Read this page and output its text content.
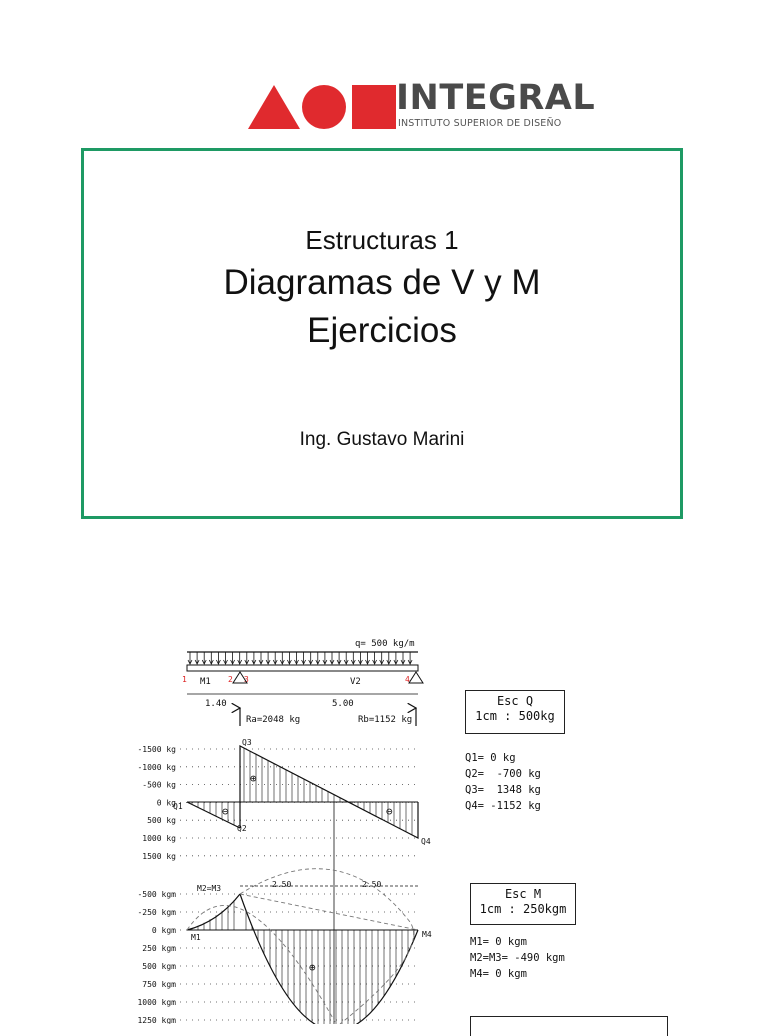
INTEGRAL
INSTITUTO SUPERIOR DE DISEÑO
Estructuras 1
Diagramas de V y M
Ejercicios
Ing. Gustavo Marini
q= 500 kg/m
1	2 3	4
M1	V2
1.40	5.00
Ra=2048 kg	Rb=1152 kg
-1500 kg
-1000 kg
-500 kg
0 kg
500 kg
1000 kg
1500 kg
Q1
Q2
Q3
Q4
⊕
⊖	⊖
-500 kgm
-250 kgm
0 kgm
250 kgm
500 kgm
750 kgm
1000 kgm
1250 kgm
2.50	2.50
M1
M2=M3
M4
⊕
Esc Q
1cm : 500kg
Q1= 0 kg
Q2=  -700 kg
Q3=  1348 kg
Q4= -1152 kg
Esc M
1cm : 250kgm
M1= 0 kgm
M2=M3= -490 kgm
M4= 0 kgm
